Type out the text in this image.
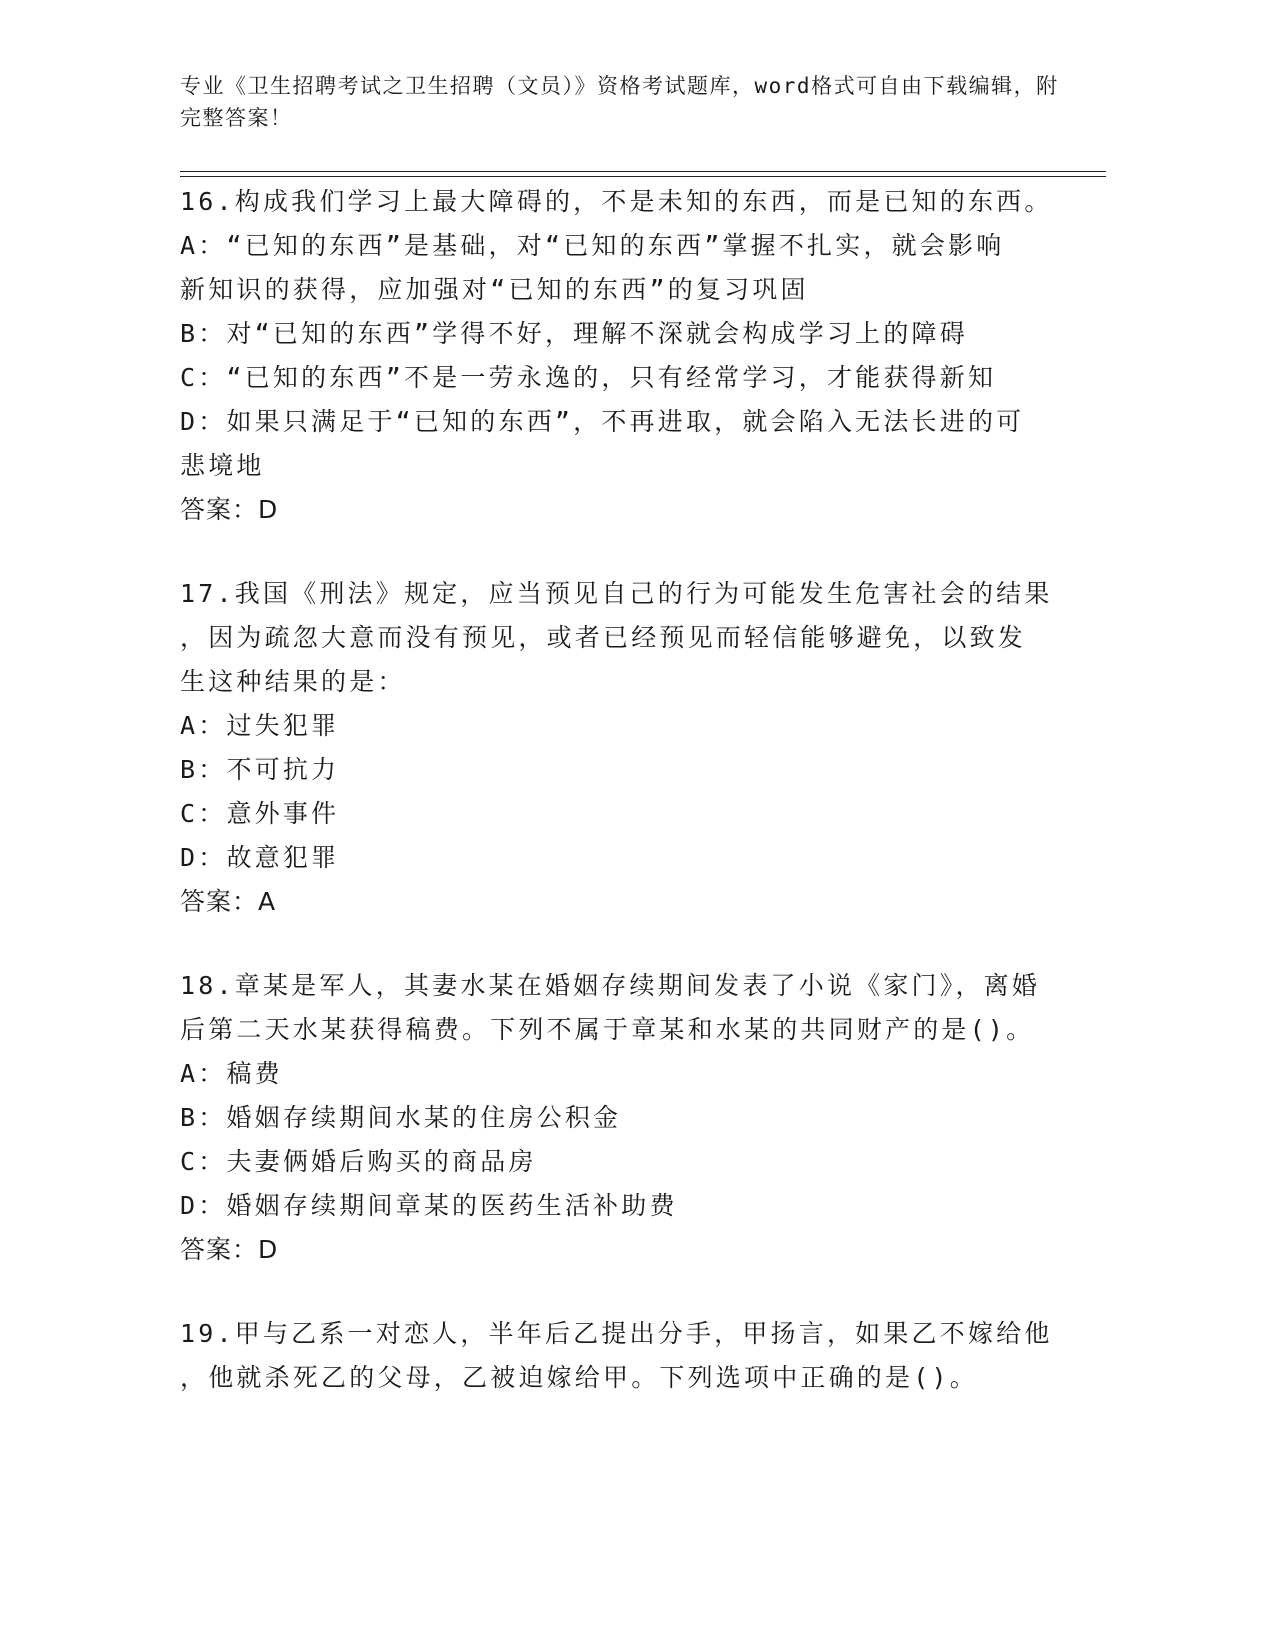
专业《卫生招聘考试之卫生招聘（文员）》资格考试题库，word格式可自由下载编辑，附完整答案！

16.构成我们学习上最大障碍的，不是未知的东西，而是已知的东西。

A：“已知的东西”是基础，对“已知的东西”掌握不扎实，就会影响

新知识的获得，应加强对“已知的东西”的复习巩固

B：对“已知的东西”学得不好，理解不深就会构成学习上的障碍

C：“已知的东西”不是一劳永逸的，只有经常学习，才能获得新知

D：如果只满足于“已知的东西”，不再进取，就会陷入无法长进的可

悲境地

答案：D

17.我国《刑法》规定，应当预见自己的行为可能发生危害社会的结果

，因为疏忽大意而没有预见，或者已经预见而轻信能够避免，以致发

生这种结果的是：

A：过失犯罪

B：不可抗力

C：意外事件

D：故意犯罪

答案：A

18.章某是军人，其妻水某在婚姻存续期间发表了小说《家门》，离婚

后第二天水某获得稿费。下列不属于章某和水某的共同财产的是()。

A：稿费

B：婚姻存续期间水某的住房公积金

C：夫妻俩婚后购买的商品房

D：婚姻存续期间章某的医药生活补助费

答案：D

19.甲与乙系一对恋人，半年后乙提出分手，甲扬言，如果乙不嫁给他

，他就杀死乙的父母，乙被迫嫁给甲。下列选项中正确的是()。
